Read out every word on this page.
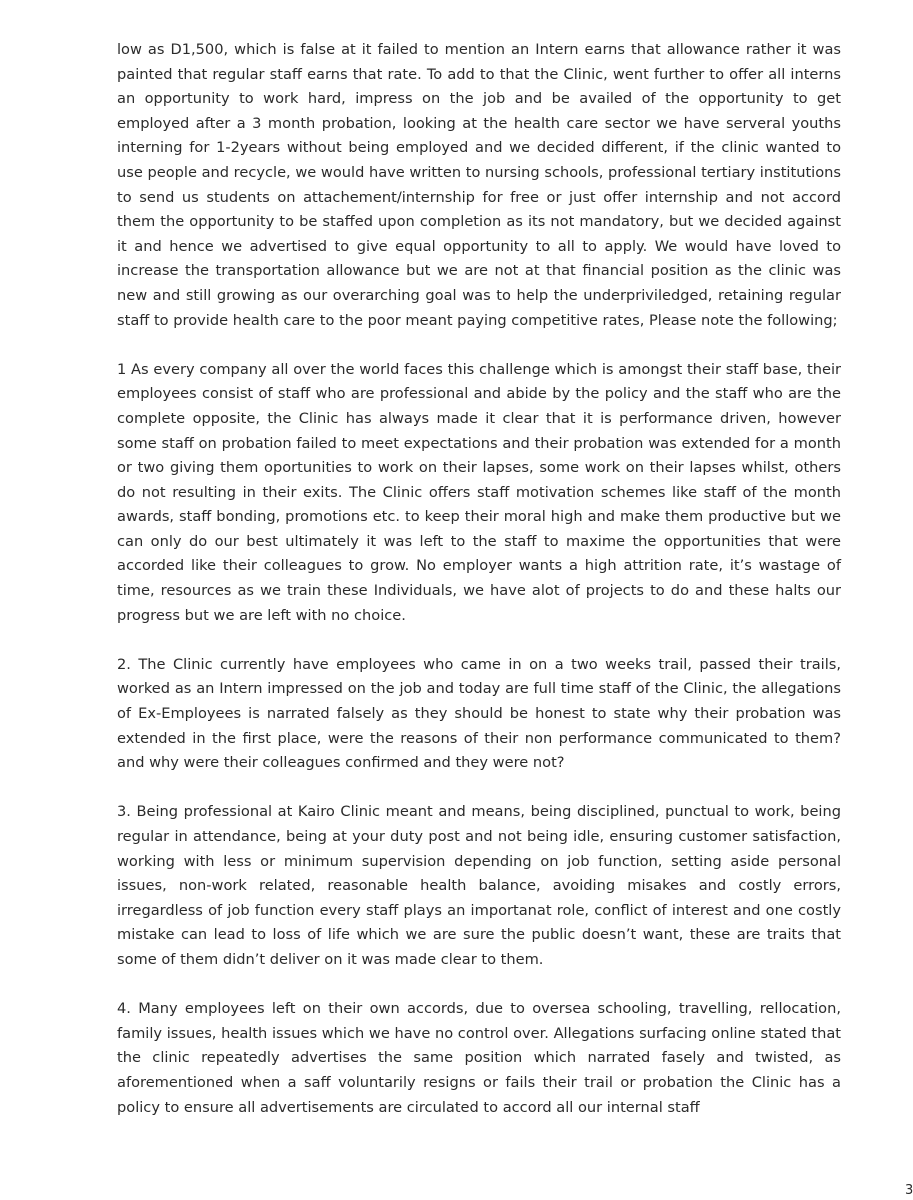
low as D1,500, which is false at it failed to mention an Intern earns that allowance rather it was painted that regular staff earns that rate. To add to that the Clinic, went further to offer all interns an opportunity to work hard, impress on the job and be availed of the opportunity to get employed after a 3 month probation, looking at the health care sector we have serveral youths interning for 1-2years without being employed and we decided different, if the clinic wanted to use people and recycle, we would have written to nursing schools, professional tertiary institutions to send us students on attachement/internship for free or just offer internship and not accord them the opportunity to be staffed upon completion as its not mandatory, but we decided against it and hence we advertised to give equal opportunity to all to apply. We would have loved to increase the transportation allowance but we are not at that financial position as the clinic was new and still growing as our overarching goal was to help the underpriviledged, retaining regular staff to provide health care to the poor meant paying competitive rates, Please note the following;

1 As every company all over the world faces this challenge which is amongst their staff base, their employees consist of staff who are professional and abide by the policy and the staff who are the complete opposite, the Clinic has always made it clear that it is performance driven, however some staff on probation failed to meet expectations and their probation was extended for a month or two giving them oportunities to work on their lapses, some work on their lapses whilst, others do not resulting in their exits. The Clinic offers staff motivation schemes like staff of the month awards, staff bonding, promotions etc. to keep their moral high and make them productive but we can only do our best ultimately it was left to the staff to maxime the opportunities that were accorded like their colleagues to grow. No employer wants a high attrition rate, it’s wastage of time, resources as we train these Individuals, we have alot of projects to do and these halts our progress but we are left with no choice.

2. The Clinic currently have employees who came in on a two weeks trail, passed their trails, worked as an Intern impressed on the job and today are full time staff of the Clinic, the allegations of Ex-Employees is narrated falsely as they should be honest to state why their probation was extended in the first place, were the reasons of their non performance communicated to them? and why were their colleagues confirmed and they were not?

3. Being professional at Kairo Clinic meant and means, being disciplined, punctual to work, being regular in attendance, being at your duty post and not being idle, ensuring customer satisfaction, working with less or minimum supervision depending on job function, setting aside personal issues, non-work related, reasonable health balance, avoiding misakes and costly errors, irregardless of job function every staff plays an importanat role, conflict of interest and one costly mistake can lead to loss of life which we are sure the public doesn’t want, these are traits that some of them didn’t deliver on it was made clear to them.

4. Many employees left on their own accords, due to oversea schooling, travelling, rellocation, family issues, health issues which we have no control over. Allegations surfacing online stated that the clinic repeatedly advertises the same position which narrated fasely and twisted, as aforementioned when a saff voluntarily resigns or fails their trail or probation the Clinic has a policy to ensure all advertisements are circulated to accord all our internal staff

3
